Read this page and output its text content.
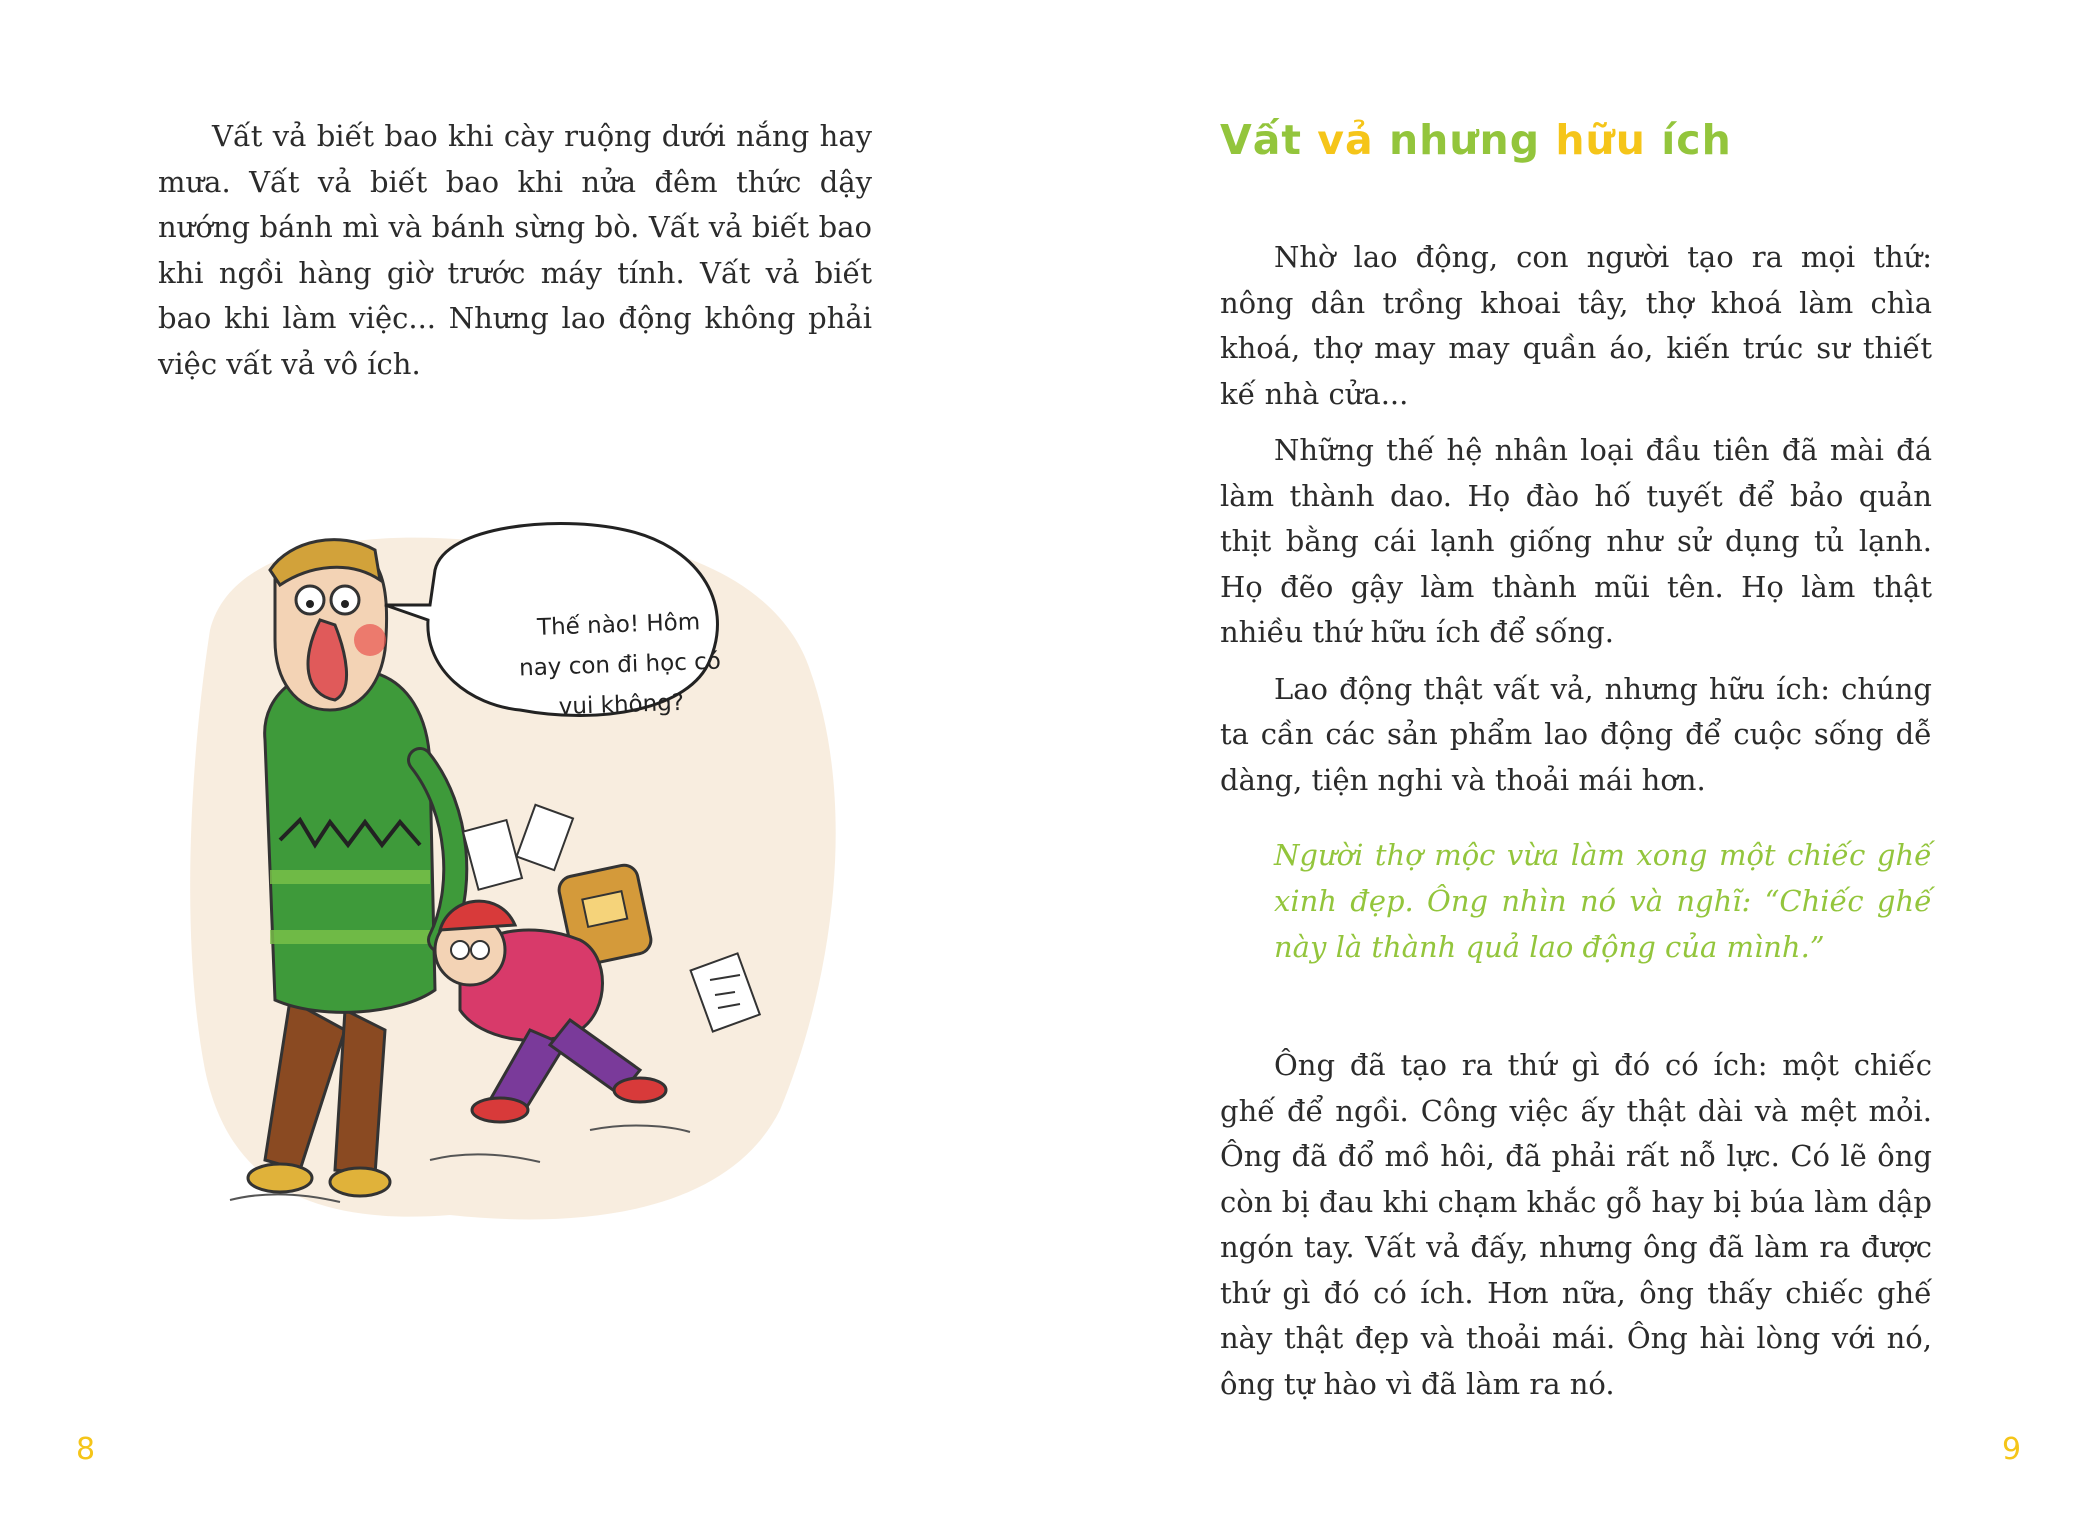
Vất vả biết bao khi cày ruộng dưới nắng hay mưa. Vất vả biết bao khi nửa đêm thức dậy nướng bánh mì và bánh sừng bò. Vất vả biết bao khi ngồi hàng giờ trước máy tính. Vất vả biết bao khi làm việc... Nhưng lao động không phải việc vất vả vô ích.

Thế nào! Hôm nay con đi học có vui không?
8
Vất vả nhưng hữu ích

Nhờ lao động, con người tạo ra mọi thứ: nông dân trồng khoai tây, thợ khoá làm chìa khoá, thợ may may quần áo, kiến trúc sư thiết kế nhà cửa...

Những thế hệ nhân loại đầu tiên đã mài đá làm thành dao. Họ đào hố tuyết để bảo quản thịt bằng cái lạnh giống như sử dụng tủ lạnh. Họ đẽo gậy làm thành mũi tên. Họ làm thật nhiều thứ hữu ích để sống.

Lao động thật vất vả, nhưng hữu ích: chúng ta cần các sản phẩm lao động để cuộc sống dễ dàng, tiện nghi và thoải mái hơn.

Người thợ mộc vừa làm xong một chiếc ghế xinh đẹp. Ông nhìn nó và nghĩ: “Chiếc ghế này là thành quả lao động của mình.”

Ông đã tạo ra thứ gì đó có ích: một chiếc ghế để ngồi. Công việc ấy thật dài và mệt mỏi. Ông đã đổ mồ hôi, đã phải rất nỗ lực. Có lẽ ông còn bị đau khi chạm khắc gỗ hay bị búa làm dập ngón tay. Vất vả đấy, nhưng ông đã làm ra được thứ gì đó có ích. Hơn nữa, ông thấy chiếc ghế này thật đẹp và thoải mái. Ông hài lòng với nó, ông tự hào vì đã làm ra nó.

9
